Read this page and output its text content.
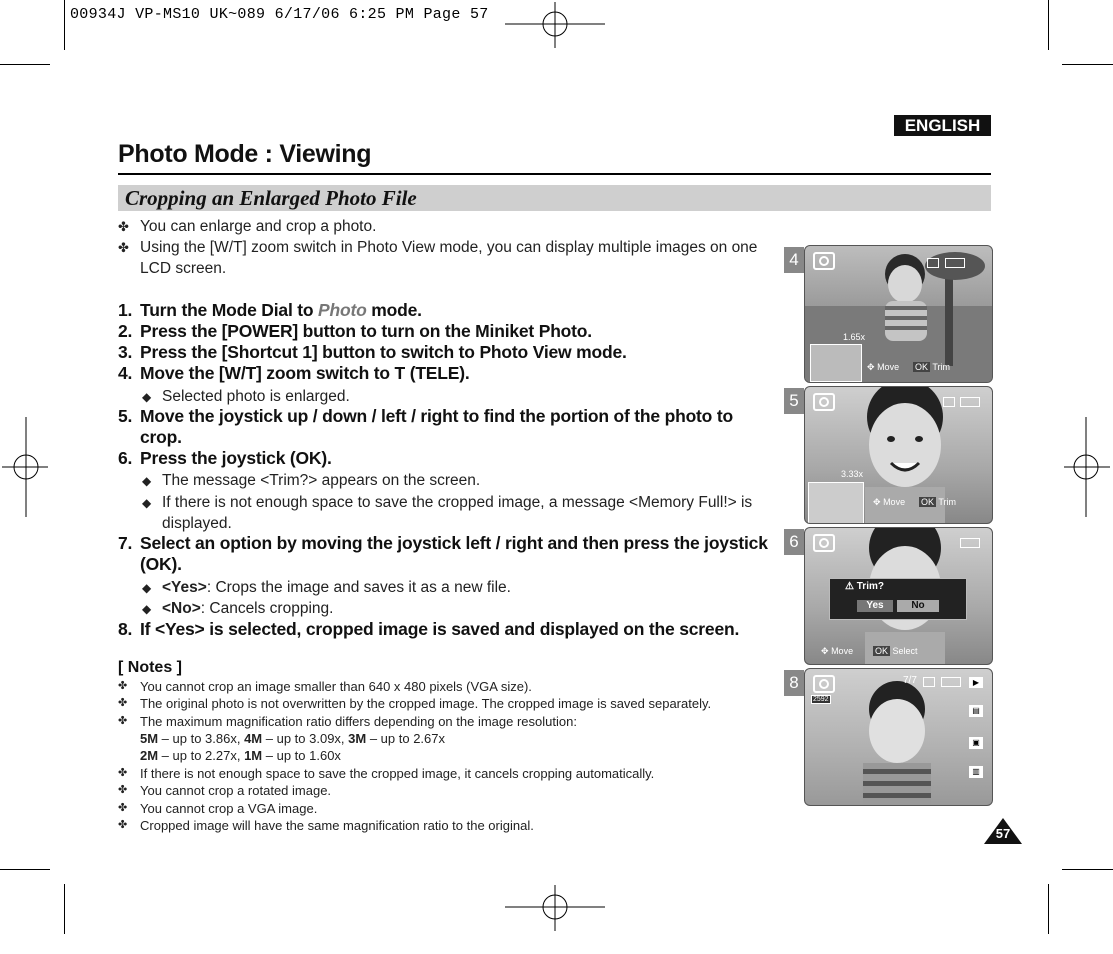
00934J VP-MS10 UK~089 6/17/06 6:25 PM Page 57
ENGLISH
Photo Mode : Viewing
Cropping an Enlarged Photo File
✤ You can enlarge and crop a photo.
✤ Using the [W/T] zoom switch in Photo View mode, you can display multiple images on one
LCD screen.
1. Turn the Mode Dial to Photo mode.
2. Press the [POWER] button to turn on the Miniket Photo.
3. Press the [Shortcut 1] button to switch to Photo View mode.
4. Move the [W/T] zoom switch to T (TELE).
◆ Selected photo is enlarged.
5. Move the joystick up / down / left / right to find the portion of the photo to
crop.
6. Press the joystick (OK).
◆ The message <Trim?> appears on the screen.
◆ If there is not enough space to save the cropped image, a message <Memory Full!> is
displayed.
7. Select an option by moving the joystick left / right and then press the joystick
(OK).
◆ <Yes>: Crops the image and saves it as a new file.
◆ <No>: Cancels cropping.
8. If <Yes> is selected, cropped image is saved and displayed on the screen.
[ Notes ]
✤ You cannot crop an image smaller than 640 x 480 pixels (VGA size).
✤ The original photo is not overwritten by the cropped image. The cropped image is saved separately.
✤ The maximum magnification ratio differs depending on the image resolution:
5M – up to 3.86x, 4M – up to 3.09x, 3M – up to 2.67x
2M – up to 2.27x, 1M – up to 1.60x
✤ If there is not enough space to save the cropped image, it cancels cropping automatically.
✤ You cannot crop a rotated image.
✤ You cannot crop a VGA image.
✤ Cropped image will have the same magnification ratio to the original.
4
1.65x
✥ Move OK Trim
5
3.33x
✥ Move OK Trim
6
⚠ Trim?
Yes	No
✥ Move OK Select
8
2592
7/7	▶
▤
▣
▥
57
